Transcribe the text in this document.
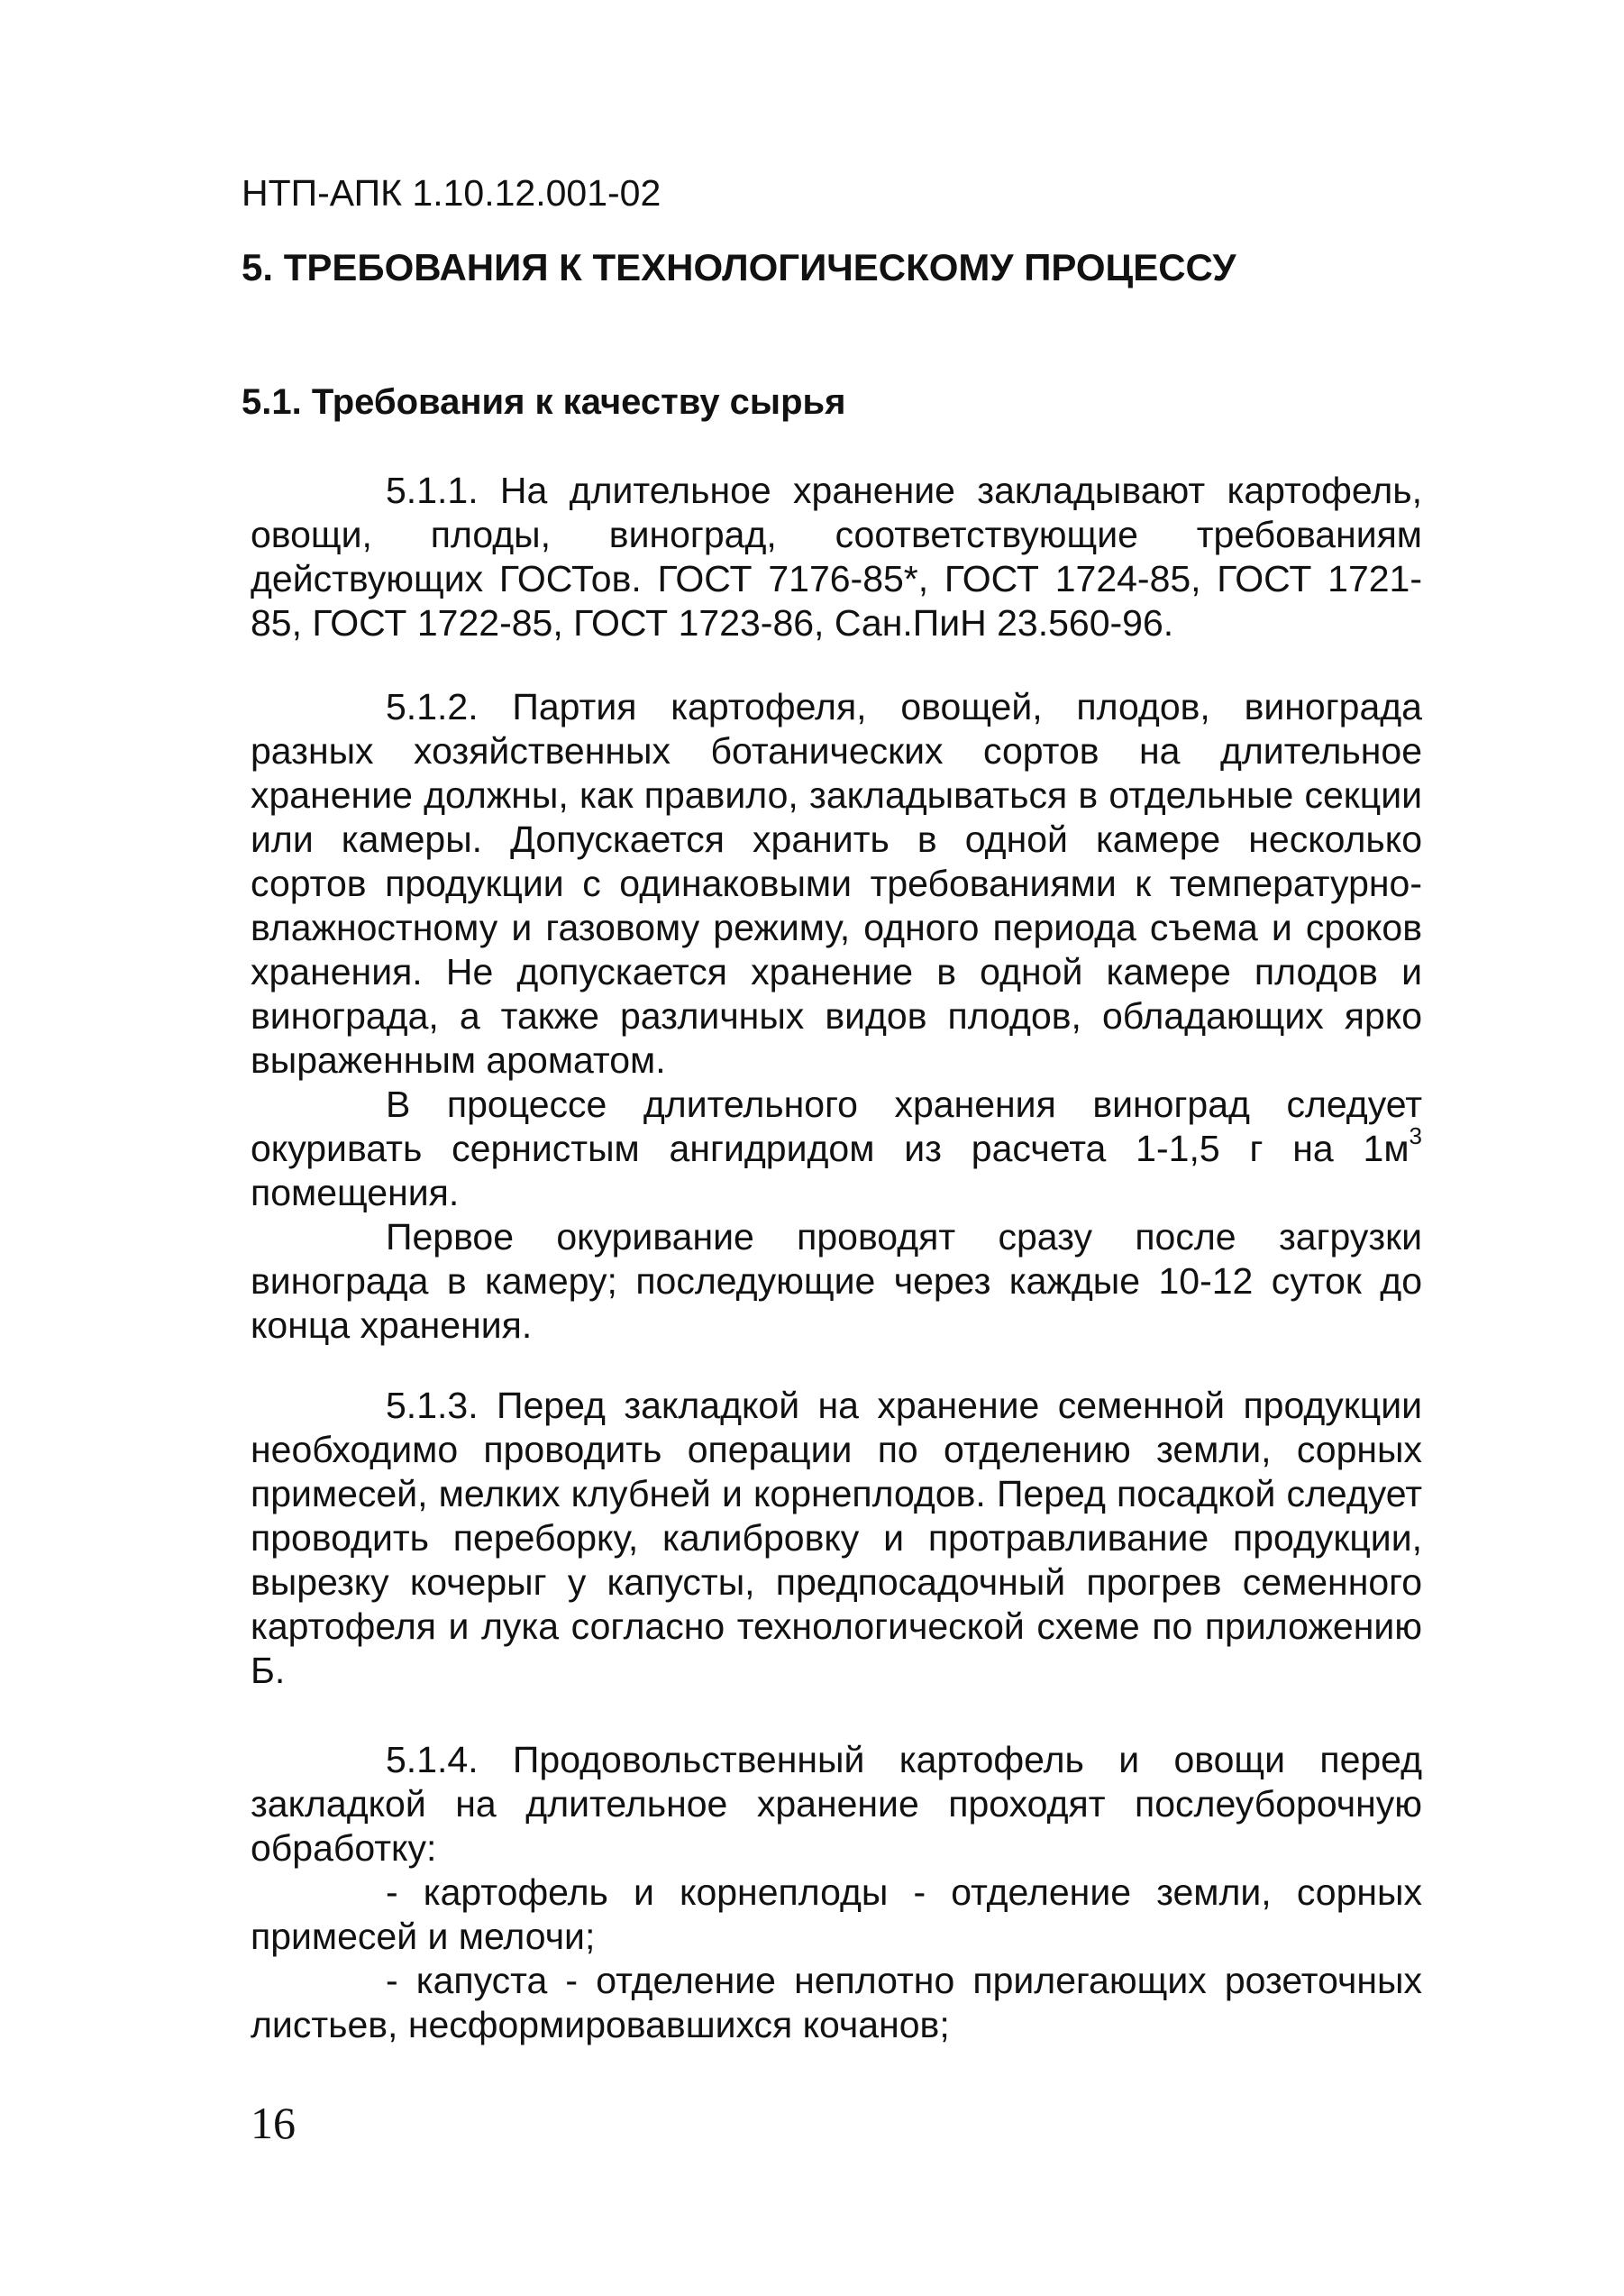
НТП-АПК 1.10.12.001-02
5. ТРЕБОВАНИЯ К ТЕХНОЛОГИЧЕСКОМУ ПРОЦЕССУ
5.1. Требования к качеству сырья

5.1.1. На длительное хранение закладывают картофель, овощи, плоды, виноград, соответствующие требованиям действующих ГОСТов. ГОСТ 7176-85*, ГОСТ 1724-85, ГОСТ 1721-85, ГОСТ 1722-85, ГОСТ 1723-86, Сан.ПиН 23.560-96.

5.1.2. Партия картофеля, овощей, плодов, винограда разных хозяйственных ботанических сортов на длительное хранение должны, как правило, закладываться в отдельные секции или камеры. Допускается хранить в одной камере несколько сортов продукции с одинаковыми требованиями к температурно-влажностному и газовому режиму, одного периода съема и сроков хранения. Не допускается хранение в одной камере плодов и винограда, а также различных видов плодов, обладающих ярко выраженным ароматом.

В процессе длительного хранения виноград следует окуривать сернистым ангидридом из расчета 1-1,5 г на $1м^3$ помещения.

Первое окуривание проводят сразу после загрузки винограда в камеру; последующие через каждые 10-12 суток до конца хранения.

5.1.3. Перед закладкой на хранение семенной продукции необходимо проводить операции по отделению земли, сорных примесей, мелких клубней и корнеплодов. Перед посадкой следует проводить переборку, калибровку и протравливание продукции, вырезку кочерыг у капусты, предпосадочный прогрев семенного картофеля и лука согласно технологической схеме по приложению Б.

5.1.4. Продовольственный картофель и овощи перед закладкой на длительное хранение проходят послеуборочную обработку:

- картофель и корнеплоды - отделение земли, сорных примесей и мелочи;

- капуста - отделение неплотно прилегающих розеточных листьев, несформировавшихся кочанов;

16
